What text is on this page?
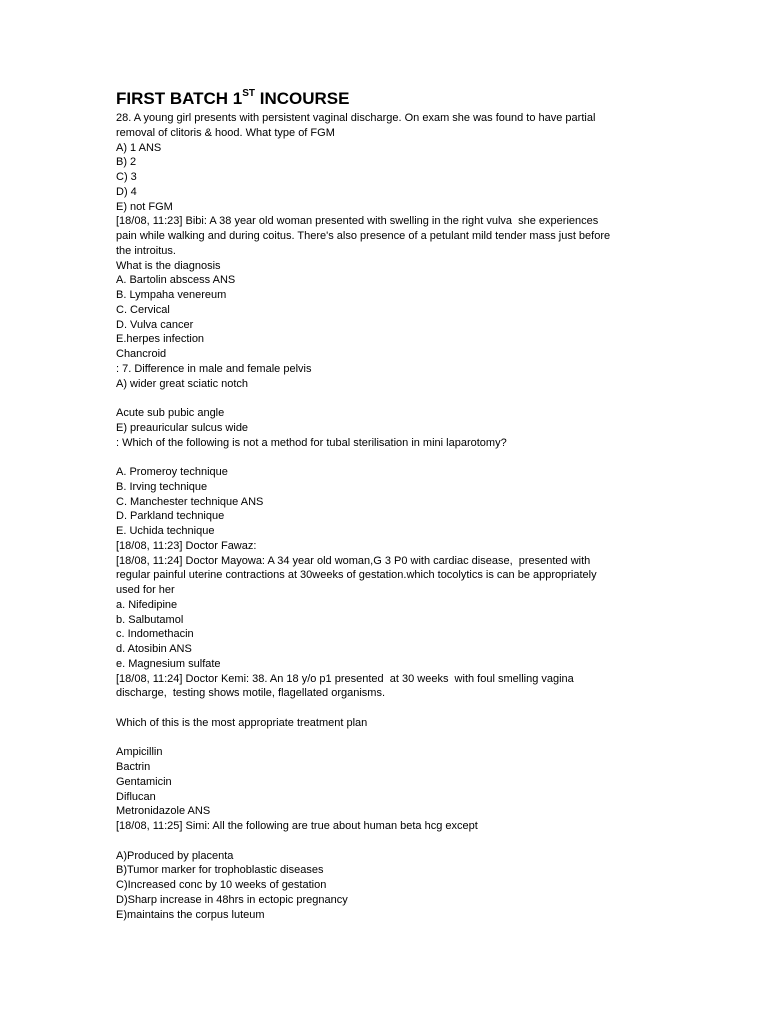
FIRST BATCH 1ST INCOURSE
28. A young girl presents with persistent vaginal discharge. On exam she was found to have partial
removal of clitoris & hood. What type of FGM
A) 1 ANS
B) 2
C) 3
D) 4
E) not FGM
[18/08, 11:23] Bibi: A 38 year old woman presented with swelling in the right vulva  she experiences
pain while walking and during coitus. There's also presence of a petulant mild tender mass just before
the introitus.
What is the diagnosis
A. Bartolin abscess ANS
B. Lympaha venereum
C. Cervical
D. Vulva cancer
E.herpes infection
Chancroid
: 7. Difference in male and female pelvis
A) wider great sciatic notch
Acute sub pubic angle
E) preauricular sulcus wide
: Which of the following is not a method for tubal sterilisation in mini laparotomy?
A. Promeroy technique
B. Irving technique
C. Manchester technique ANS
D. Parkland technique
E. Uchida technique
[18/08, 11:23] Doctor Fawaz:
[18/08, 11:24] Doctor Mayowa: A 34 year old woman,G 3 P0 with cardiac disease,  presented with
regular painful uterine contractions at 30weeks of gestation.which tocolytics is can be appropriately
used for her
a. Nifedipine
b. Salbutamol
c. Indomethacin
d. Atosibin ANS
e. Magnesium sulfate
[18/08, 11:24] Doctor Kemi: 38. An 18 y/o p1 presented  at 30 weeks  with foul smelling vagina
discharge,  testing shows motile, flagellated organisms.
Which of this is the most appropriate treatment plan
Ampicillin
Bactrin
Gentamicin
Diflucan
Metronidazole ANS
[18/08, 11:25] Simi: All the following are true about human beta hcg except
A)Produced by placenta
B)Tumor marker for trophoblastic diseases
C)Increased conc by 10 weeks of gestation
D)Sharp increase in 48hrs in ectopic pregnancy
E)maintains the corpus luteum
